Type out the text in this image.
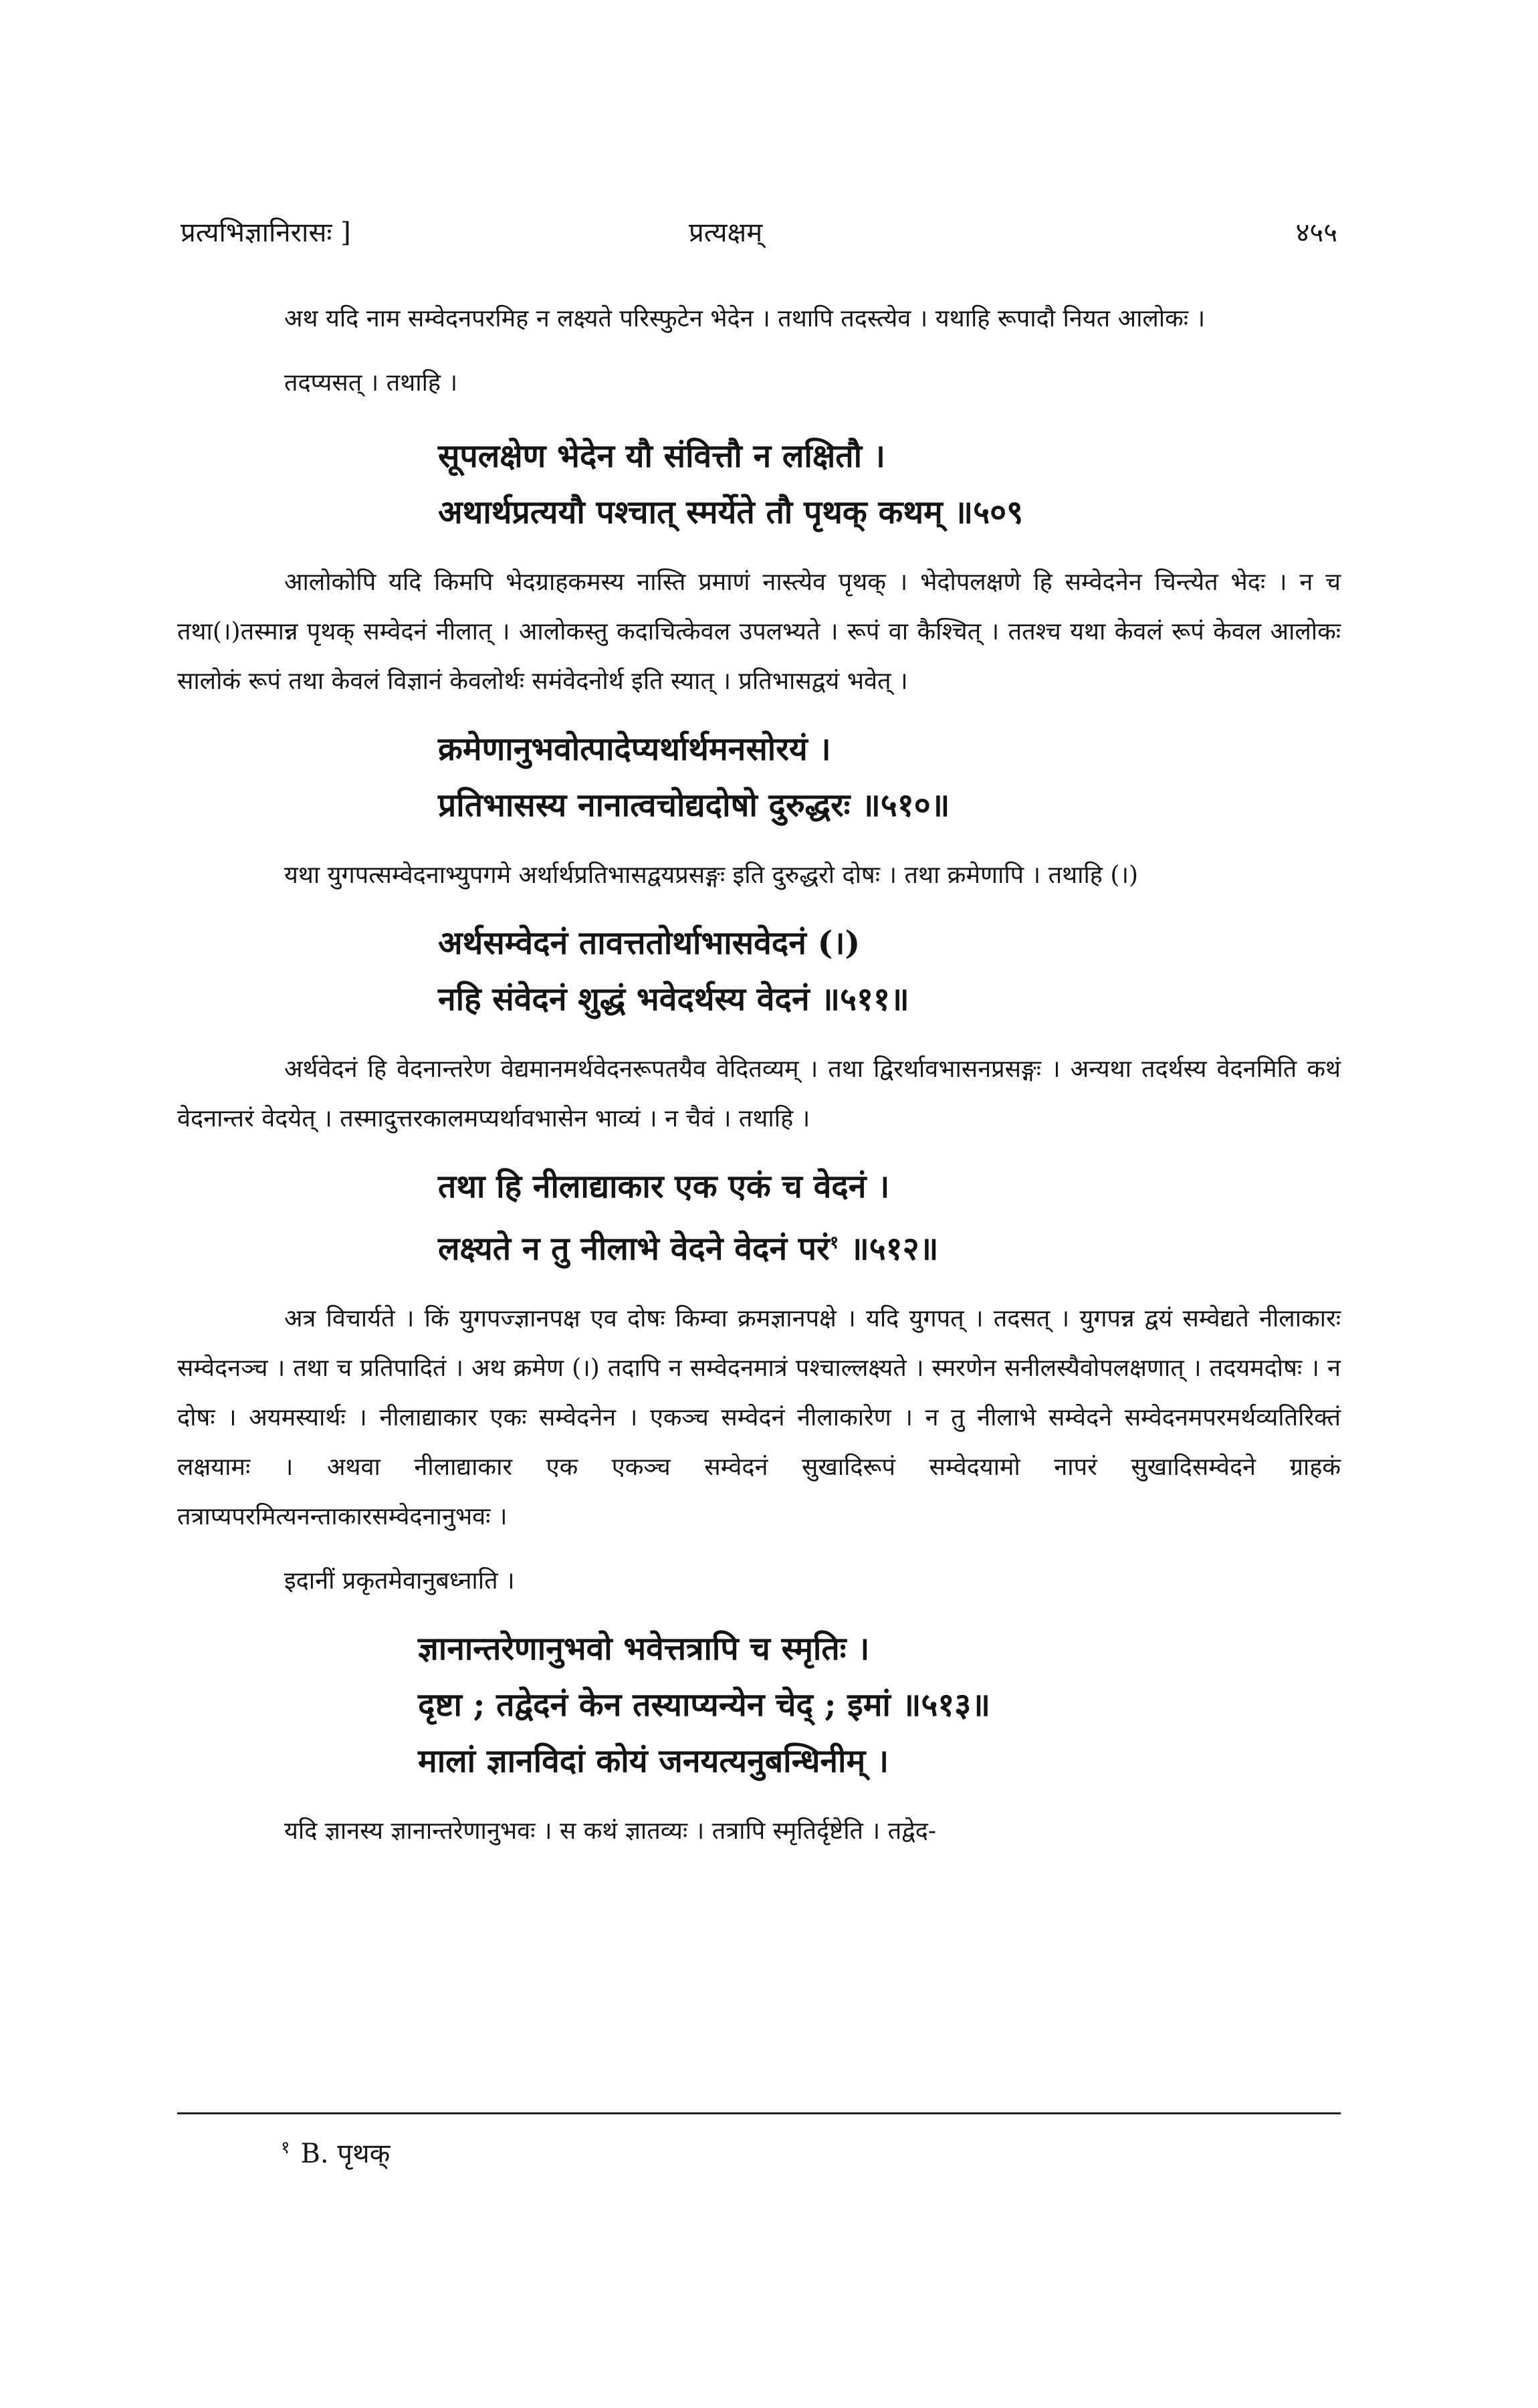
प्रत्यभिज्ञानिरासः ]	प्रत्यक्षम्	४५५

अथ यदि नाम सम्वेदनपरमिह न लक्ष्यते परिस्फुटेन भेदेन । तथापि तदस्त्येव । यथाहि रूपादौ नियत आलोकः ।

तदप्यसत् । तथाहि ।

सूपलक्षेण भेदेन यौ संवित्तौ न लक्षितौ ।
अथार्थप्रत्ययौ पश्चात् स्मर्येते तौ पृथक् कथम् ॥५०९

आलोकोपि यदि किमपि भेदग्राहकमस्य नास्ति प्रमाणं नास्त्येव पृथक् । भेदोपलक्षणे हि सम्वेदनेन चिन्त्येत भेदः । न च तथा(।)तस्मान्न पृथक् सम्वेदनं नीलात् । आलोकस्तु कदाचित्केवल उपलभ्यते । रूपं वा कैश्चित् । ततश्च यथा केवलं रूपं केवल आलोकः सालोकं रूपं तथा केवलं विज्ञानं केवलोर्थः समंवेदनोर्थ इति स्यात् । प्रतिभासद्वयं भवेत् ।

क्रमेणानुभवोत्पादेप्यर्थार्थमनसोरयं ।
प्रतिभासस्य नानात्वचोद्यदोषो दुरुद्धरः ॥५१०॥

यथा युगपत्सम्वेदनाभ्युपगमे अर्थार्थप्रतिभासद्वयप्रसङ्गः इति दुरुद्धरो दोषः । तथा क्रमेणापि । तथाहि (।)

अर्थसम्वेदनं तावत्ततोर्थाभासवेदनं (।)
नहि संवेदनं शुद्धं भवेदर्थस्य वेदनं ॥५११॥

अर्थवेदनं हि वेदनान्तरेण वेद्यमानमर्थवेदनरूपतयैव वेदितव्यम् । तथा द्विरर्थावभासनप्रसङ्गः । अन्यथा तदर्थस्य वेदनमिति कथं वेदनान्तरं वेदयेत् । तस्मादुत्तरकालमप्यर्थावभासेन भाव्यं । न चैवं । तथाहि ।

तथा हि नीलाद्याकार एक एकं च वेदनं ।
लक्ष्यते न तु नीलाभे वेदने वेदनं परं$^१$ ॥५१२॥

अत्र विचार्यते । किं युगपज्ज्ञानपक्ष एव दोषः किम्वा क्रमज्ञानपक्षे । यदि युगपत् । तदसत् । युगपन्न द्वयं सम्वेद्यते नीलाकारः सम्वेदनञ्च । तथा च प्रतिपादितं । अथ क्रमेण (।) तदापि न सम्वेदनमात्रं पश्चाल्लक्ष्यते । स्मरणेन सनीलस्यैवोपलक्षणात् । तदयमदोषः । न दोषः । अयमस्यार्थः । नीलाद्याकार एकः सम्वेदनेन । एकञ्च सम्वेदनं नीलाकारेण । न तु नीलाभे सम्वेदने सम्वेदनमपरमर्थव्यतिरिक्तं लक्षयामः । अथवा नीलाद्याकार एक एकञ्च सम्वेदनं सुखादिरूपं सम्वेदयामो नापरं सुखादिसम्वेदने ग्राहकं तत्राप्यपरमित्यनन्ताकारसम्वेदनानुभवः ।

इदानीं प्रकृतमेवानुबध्नाति ।

ज्ञानान्तरेणानुभवो भवेत्तत्रापि च स्मृतिः ।
दृष्टा ; तद्वेदनं केन तस्याप्यन्येन चेद् ; इमां ॥५१३॥
मालां ज्ञानविदां कोयं जनयत्यनुबन्धिनीम् ।

यदि ज्ञानस्य ज्ञानान्तरेणानुभवः । स कथं ज्ञातव्यः । तत्रापि स्मृतिर्दृष्टेति । तद्वेद-

$^१$ B. पृथक्
